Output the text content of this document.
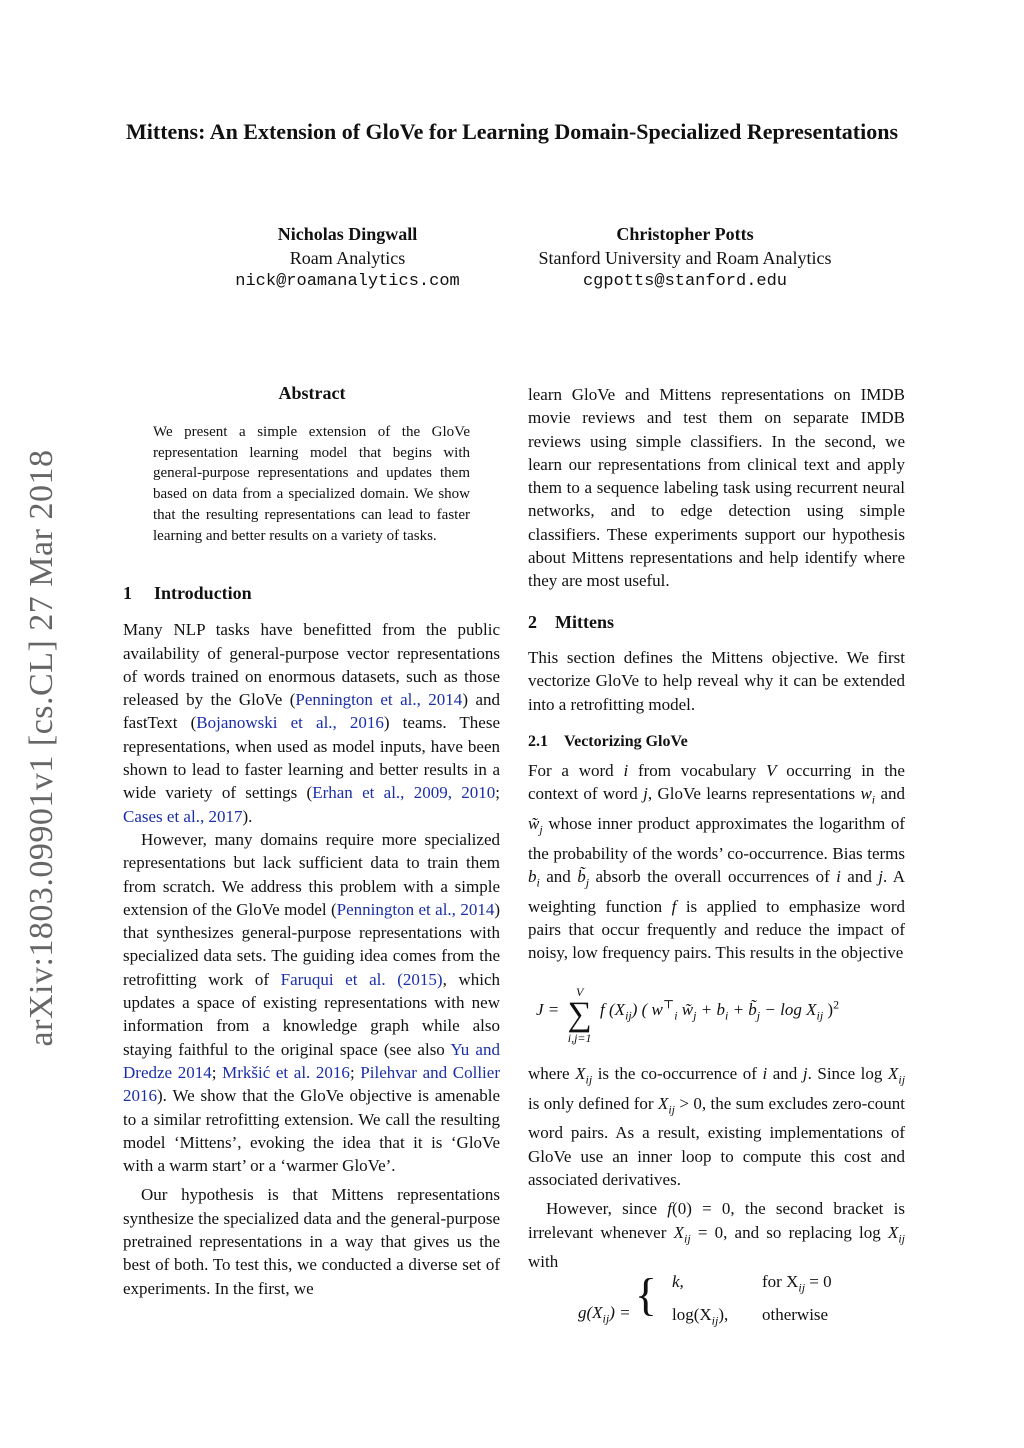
Mittens: An Extension of GloVe for Learning Domain-Specialized Representations
Nicholas Dingwall
Roam Analytics
nick@roamanalytics.com
Christopher Potts
Stanford University and Roam Analytics
cgpotts@stanford.edu
arXiv:1803.09901v1 [cs.CL] 27 Mar 2018
Abstract
We present a simple extension of the GloVe representation learning model that begins with general-purpose representations and updates them based on data from a specialized domain. We show that the resulting representations can lead to faster learning and better results on a variety of tasks.

1 Introduction

Many NLP tasks have benefitted from the public availability of general-purpose vector representations of words trained on enormous datasets, such as those released by the GloVe (Pennington et al., 2014) and fastText (Bojanowski et al., 2016) teams. These representations, when used as model inputs, have been shown to lead to faster learning and better results in a wide variety of settings (Erhan et al., 2009, 2010; Cases et al., 2017).

However, many domains require more specialized representations but lack sufficient data to train them from scratch. We address this problem with a simple extension of the GloVe model (Pennington et al., 2014) that synthesizes general-purpose representations with specialized data sets. The guiding idea comes from the retrofitting work of Faruqui et al. (2015), which updates a space of existing representations with new information from a knowledge graph while also staying faithful to the original space (see also Yu and Dredze 2014; Mrkšić et al. 2016; Pilehvar and Collier 2016). We show that the GloVe objective is amenable to a similar retrofitting extension. We call the resulting model ‘Mittens’, evoking the idea that it is ‘GloVe with a warm start’ or a ‘warmer GloVe’.

Our hypothesis is that Mittens representations synthesize the specialized data and the general-purpose pretrained representations in a way that gives us the best of both. To test this, we conducted a diverse set of experiments. In the first, we

learn GloVe and Mittens representations on IMDB movie reviews and test them on separate IMDB reviews using simple classifiers. In the second, we learn our representations from clinical text and apply them to a sequence labeling task using recurrent neural networks, and to edge detection using simple classifiers. These experiments support our hypothesis about Mittens representations and help identify where they are most useful.

2 Mittens

This section defines the Mittens objective. We first vectorize GloVe to help reveal why it can be extended into a retrofitting model.

2.1 Vectorizing GloVe

For a word i from vocabulary V occurring in the context of word j, GloVe learns representations $w_i$ and $w̃_j$ whose inner product approximates the logarithm of the probability of the words’ co-occurrence. Bias terms $b_i$ and $b̃_j$ absorb the overall occurrences of i and j. A weighting function f is applied to emphasize word pairs that occur frequently and reduce the impact of noisy, low frequency pairs. This results in the objective

J =
V
∑
i,j=1
f $(X_{ij})$ ( $w^⊤_i$ $w̃_j + b_i$ + $b̃_j - \log X_{ij}$ )$^2$

where $X_{ij}$ is the co-occurrence of i and j. Since $\log X_{ij}$ is only defined for $X_{ij} > 0$, the sum excludes zero-count word pairs. As a result, existing implementations of GloVe use an inner loop to compute this cost and associated derivatives.

However, since f(0) = 0, the second bracket is irrelevant whenever $X_{ij} = 0$, and so replacing $\log X_{ij}$ with

$g(X_{ij})$ = { k,	for $X_{ij} = 0$
$\log(X_{ij})$, otherwise
